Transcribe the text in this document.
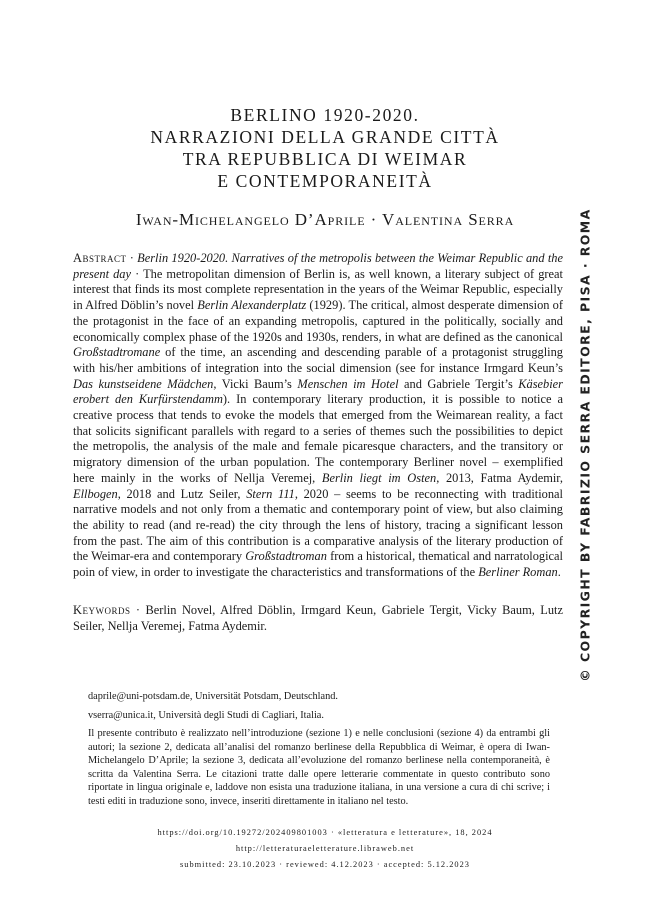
BERLINO 1920-2020.
NARRAZIONI DELLA GRANDE CITTÀ
TRA REPUBBLICA DI WEIMAR
E CONTEMPORANEITÀ
Iwan-Michelangelo D’Aprile · Valentina Serra
Abstract · Berlin 1920-2020. Narratives of the metropolis between the Weimar Republic and the present day · The metropolitan dimension of Berlin is, as well known, a literary subject of great interest that finds its most complete representation in the years of the Weimar Republic, especially in Alfred Döblin’s novel Berlin Alexanderplatz (1929). The critical, almost desperate dimension of the protagonist in the face of an expanding metropolis, captured in the politically, socially and economically complex phase of the 1920s and 1930s, renders, in what are defined as the canonical Großstadtromane of the time, an ascending and descending parable of a protagonist struggling with his/her ambitions of integration into the social dimension (see for instance Irmgard Keun’s Das kunstseidene Mädchen, Vicki Baum’s Menschen im Hotel and Gabriele Tergit’s Käsebier erobert den Kurfürstendamm). In contemporary literary production, it is possible to notice a creative process that tends to evoke the models that emerged from the Weimarean reality, a fact that solicits significant parallels with regard to a series of themes such the possibilities to depict the metropolis, the analysis of the male and female picaresque characters, and the transitory or migratory dimension of the urban population. The contemporary Berliner novel – exemplified here mainly in the works of Nellja Veremej, Berlin liegt im Osten, 2013, Fatma Aydemir, Ellbogen, 2018 and Lutz Seiler, Stern 111, 2020 – seems to be reconnecting with traditional narrative models and not only from a thematic and contemporary point of view, but also claiming the ability to read (and re-read) the city through the lens of history, tracing a significant lesson from the past. The aim of this contribution is a comparative analysis of the literary production of the Weimar-era and contemporary Großstadtroman from a historical, thematical and narratological poin of view, in order to investigate the characteristics and transformations of the Berliner Roman.
Keywords · Berlin Novel, Alfred Döblin, Irmgard Keun, Gabriele Tergit, Vicky Baum, Lutz Seiler, Nellja Veremej, Fatma Aydemir.

daprile@uni-potsdam.de, Universität Potsdam, Deutschland.

vserra@unica.it, Università degli Studi di Cagliari, Italia.

Il presente contributo è realizzato nell’introduzione (sezione 1) e nelle conclusioni (sezione 4) da entrambi gli autori; la sezione 2, dedicata all’analisi del romanzo berlinese della Repubblica di Weimar, è opera di Iwan-Michelangelo D’Aprile; la sezione 3, dedicata all’evoluzione del romanzo berlinese nella contemporaneità, è scritta da Valentina Serra. Le citazioni tratte dalle opere letterarie commentate in questo contributo sono riportate in lingua originale e, laddove non esista una traduzione italiana, in una versione a cura di chi scrive; i testi editi in traduzione sono, invece, inseriti direttamente in italiano nel testo.

https://doi.org/10.19272/202409801003 · «letteratura e letterature», 18, 2024
http://letteraturaeletterature.libraweb.net
submitted: 23.10.2023 · reviewed: 4.12.2023 · accepted: 5.12.2023
© COPYRIGHT BY FABRIZIO SERRA EDITORE, PISA · ROMA
